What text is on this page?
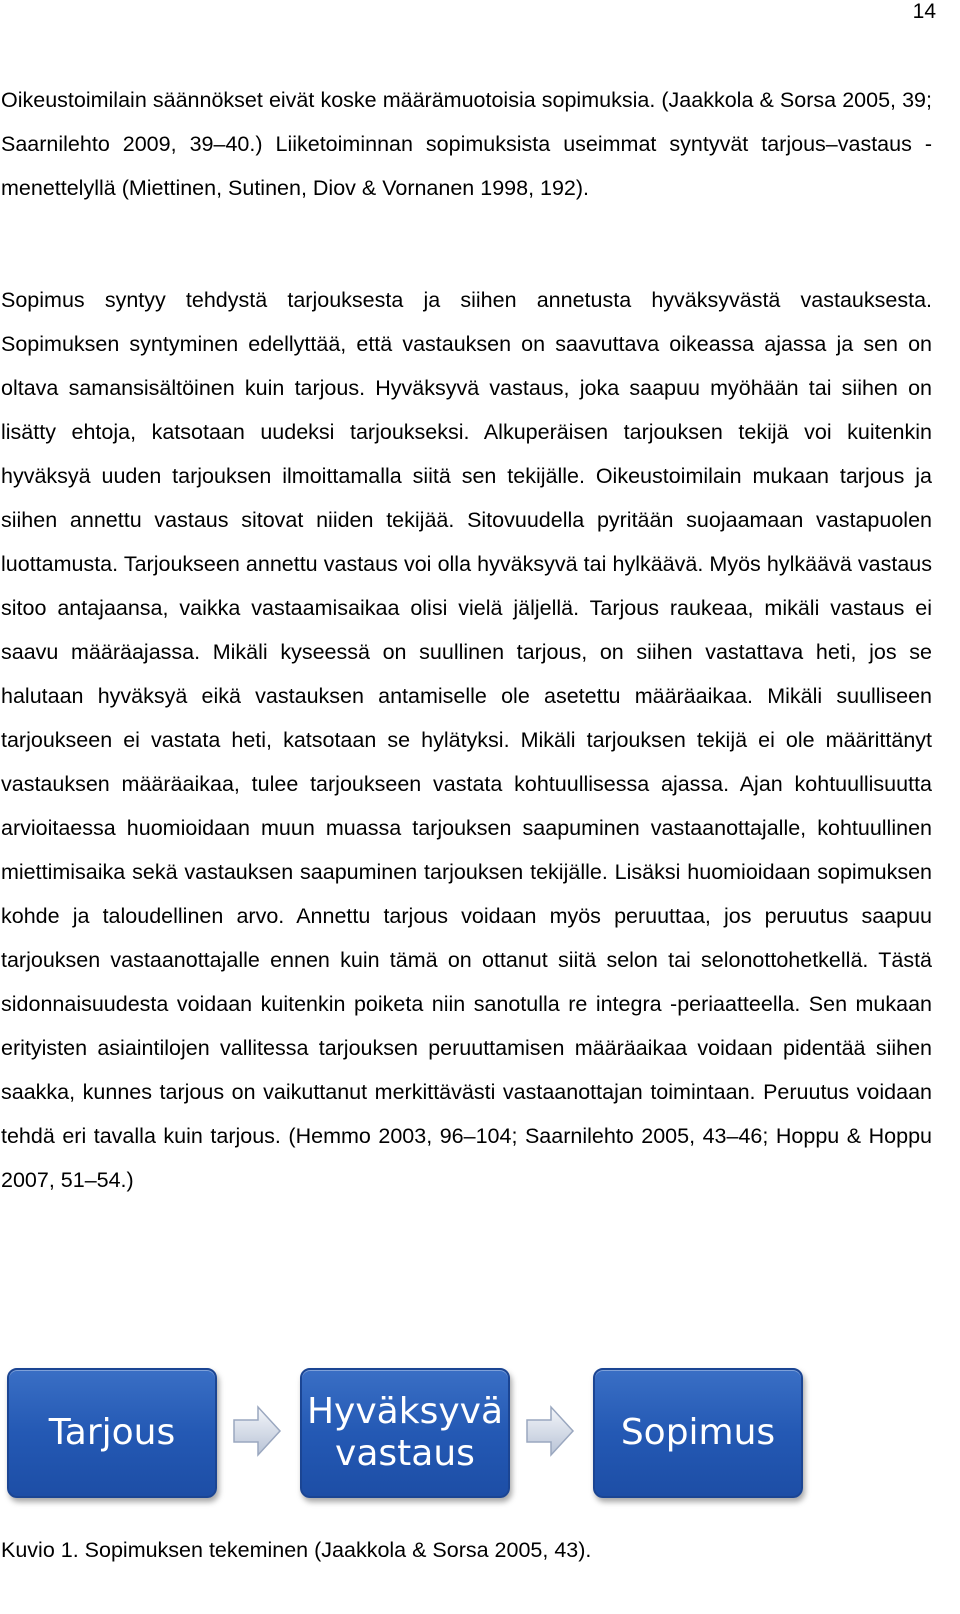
14

Oikeustoimilain säännökset eivät koske määrämuotoisia sopimuksia. (Jaakkola & Sorsa 2005, 39; Saarnilehto 2009, 39–40.) Liiketoiminnan sopimuksista useimmat syntyvät tarjous–vastaus -menettelyllä (Miettinen, Sutinen, Diov & Vornanen 1998, 192).

Sopimus syntyy tehdystä tarjouksesta ja siihen annetusta hyväksyvästä vastauksesta. Sopimuksen syntyminen edellyttää, että vastauksen on saavuttava oikeassa ajassa ja sen on oltava samansisältöinen kuin tarjous. Hyväksyvä vastaus, joka saapuu myöhään tai siihen on lisätty ehtoja, katsotaan uudeksi tarjoukseksi. Alkuperäisen tarjouksen tekijä voi kuitenkin hyväksyä uuden tarjouksen ilmoittamalla siitä sen tekijälle. Oikeustoimilain mukaan tarjous ja siihen annettu vastaus sitovat niiden tekijää. Sitovuudella pyritään suojaamaan vastapuolen luottamusta. Tarjoukseen annettu vastaus voi olla hyväksyvä tai hylkäävä. Myös hylkäävä vastaus sitoo antajaansa, vaikka vastaamisaikaa olisi vielä jäljellä. Tarjous raukeaa, mikäli vastaus ei saavu määräajassa. Mikäli kyseessä on suullinen tarjous, on siihen vastattava heti, jos se halutaan hyväksyä eikä vastauksen antamiselle ole asetettu määräaikaa. Mikäli suulliseen tarjoukseen ei vastata heti, katsotaan se hylätyksi. Mikäli tarjouksen tekijä ei ole määrittänyt vastauksen määräaikaa, tulee tarjoukseen vastata kohtuullisessa ajassa. Ajan kohtuullisuutta arvioitaessa huomioidaan muun muassa tarjouksen saapuminen vastaanottajalle, kohtuullinen miettimisaika sekä vastauksen saapuminen tarjouksen tekijälle. Lisäksi huomioidaan sopimuksen kohde ja taloudellinen arvo. Annettu tarjous voidaan myös peruuttaa, jos peruutus saapuu tarjouksen vastaanottajalle ennen kuin tämä on ottanut siitä selon tai selonottohetkellä. Tästä sidonnaisuudesta voidaan kuitenkin poiketa niin sanotulla re integra -periaatteella. Sen mukaan erityisten asiaintilojen vallitessa tarjouksen peruuttamisen määräaikaa voidaan pidentää siihen saakka, kunnes tarjous on vaikuttanut merkittävästi vastaanottajan toimintaan. Peruutus voidaan tehdä eri tavalla kuin tarjous. (Hemmo 2003, 96–104; Saarnilehto 2005, 43–46; Hoppu & Hoppu 2007, 51–54.)

Tarjous
Hyväksyvä
vastaus
Sopimus
Kuvio 1. Sopimuksen tekeminen (Jaakkola & Sorsa 2005, 43).
